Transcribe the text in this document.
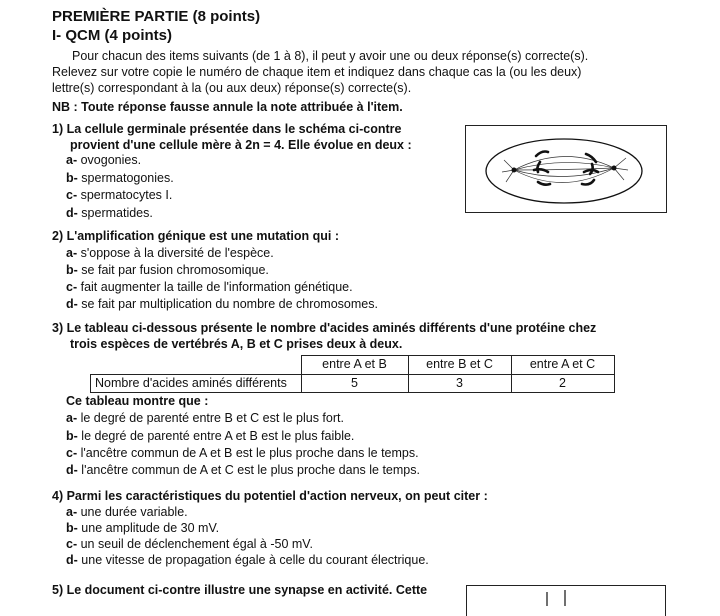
PREMIÈRE PARTIE (8 points)
I- QCM (4 points)
Pour chacun des items suivants (de 1 à 8), il peut y avoir une ou deux réponse(s) correcte(s).
Relevez sur votre copie le numéro de chaque item et indiquez dans chaque cas la (ou les deux)
lettre(s) correspondant à la (ou aux deux) réponse(s) correcte(s).
NB : Toute réponse fausse annule la note attribuée à l'item.
1) La cellule germinale présentée dans le schéma ci-contre
provient d'une cellule mère à 2n = 4. Elle évolue en deux :
a- ovogonies.
b- spermatogonies.
c- spermatocytes I.
d- spermatides.
2) L'amplification génique est une mutation qui :
a- s'oppose à la diversité de l'espèce.
b- se fait par fusion chromosomique.
c- fait augmenter la taille de l'information génétique.
d- se fait par multiplication du nombre de chromosomes.
3) Le tableau ci-dessous présente le nombre d'acides aminés différents d'une protéine chez
trois espèces de vertébrés A, B et C prises deux à deux.
	entre A et B	entre B et C	entre A et C
Nombre d'acides aminés différents	5	3	2
Ce tableau montre que :
a- le degré de parenté entre B et C est le plus fort.
b- le degré de parenté entre A et B est le plus faible.
c- l'ancêtre commun de A et B est le plus proche dans le temps.
d- l'ancêtre commun de A et C est le plus proche dans le temps.
4) Parmi les caractéristiques du potentiel d'action nerveux, on peut citer :
a- une durée variable.
b- une amplitude de 30 mV.
c- un seuil de déclenchement égal à -50 mV.
d- une vitesse de propagation égale à celle du courant électrique.
5) Le document ci-contre illustre une synapse en activité. Cette
